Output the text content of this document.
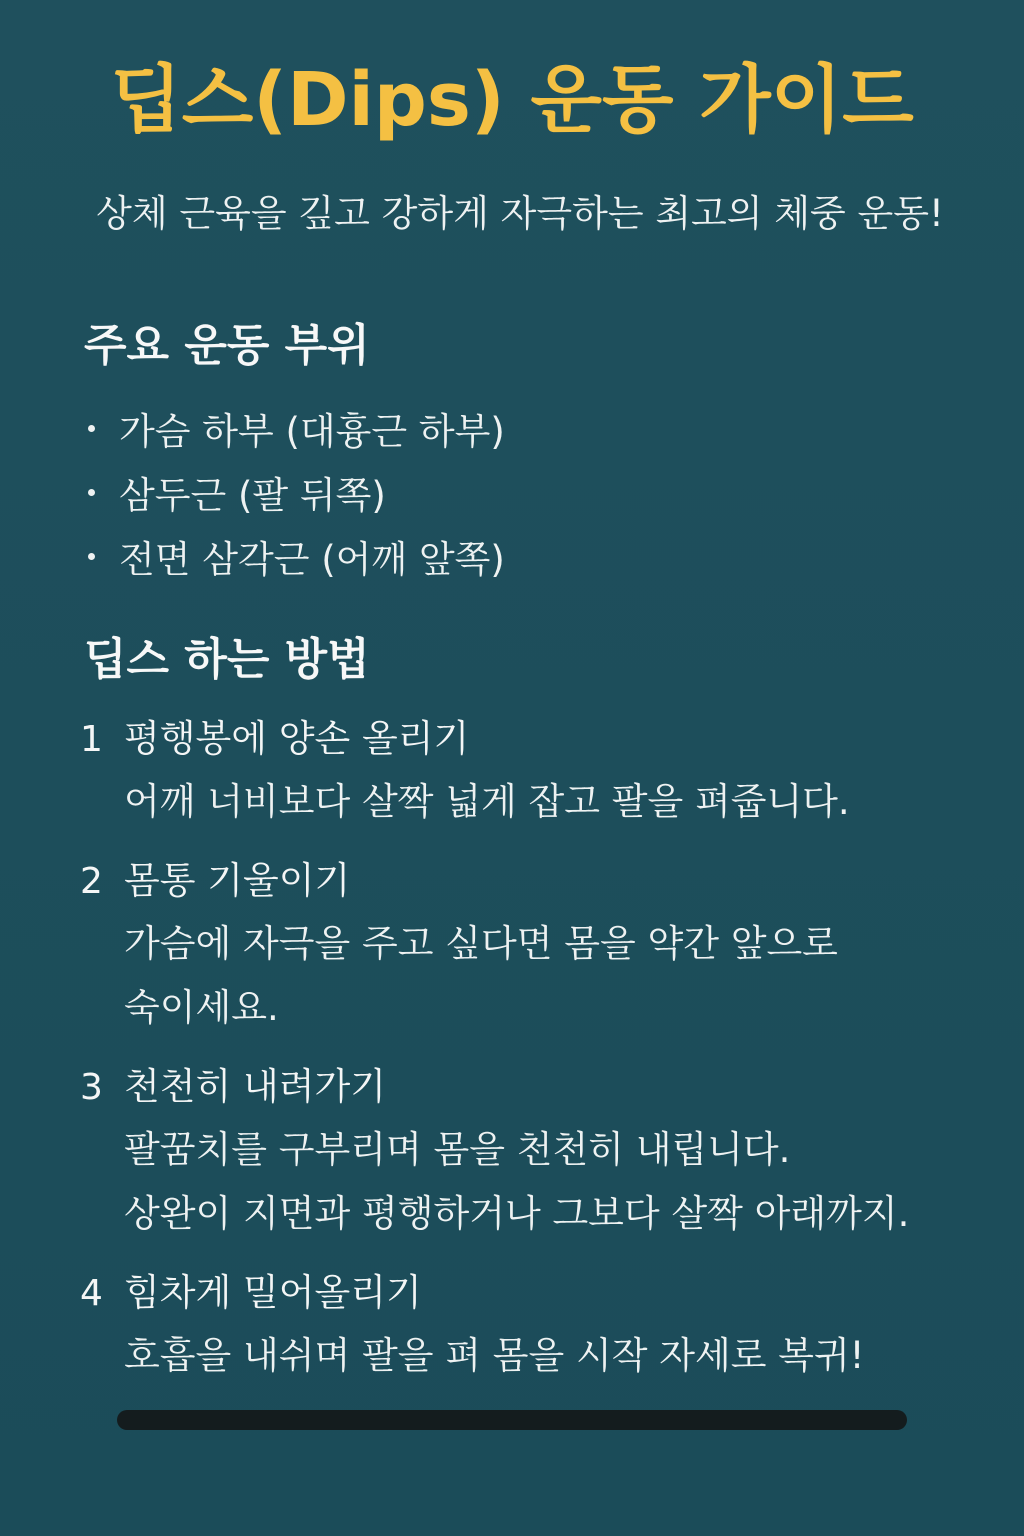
딥스(Dips) 운동 가이드

상체 근육을 깊고 강하게 자극하는 최고의 체중 운동!

주요 운동 부위
가슴 하부 (대흉근 하부)
삼두근 (팔 뒤쪽)
전면 삼각근 (어깨 앞쪽)
딥스 하는 방법
1 평행봉에 양손 올리기
어깨 너비보다 살짝 넓게 잡고 팔을 펴줍니다.
2 몸통 기울이기
가슴에 자극을 주고 싶다면 몸을 약간 앞으로
숙이세요.
3 천천히 내려가기
팔꿈치를 구부리며 몸을 천천히 내립니다.
상완이 지면과 평행하거나 그보다 살짝 아래까지.
4 힘차게 밀어올리기
호흡을 내쉬며 팔을 펴 몸을 시작 자세로 복귀!
